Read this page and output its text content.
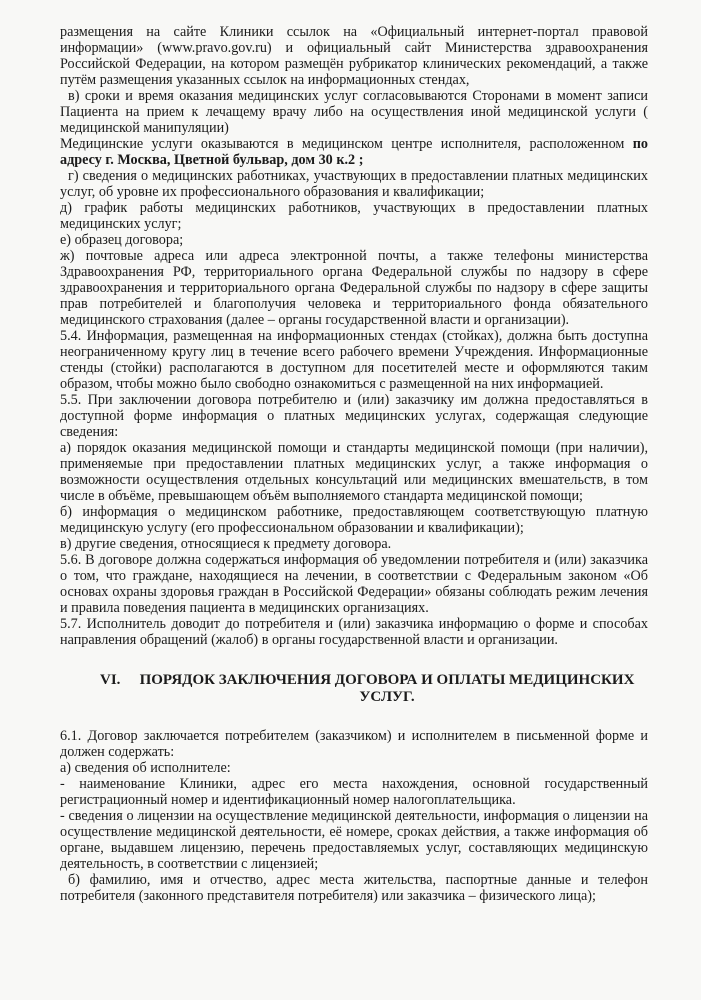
размещения на сайте Клиники ссылок на «Официальный интернет-портал правовой информации» (www.pravo.gov.ru) и официальный сайт Министерства здравоохранения Российской Федерации, на котором размещён рубрикатор клинических рекомендаций, а также путём размещения указанных ссылок на информационных стендах,

в) сроки и время оказания медицинских услуг согласовываются Сторонами в момент записи Пациента на прием к лечащему врачу либо на осуществления иной медицинской услуги ( медицинской манипуляции)

Медицинские услуги оказываются в медицинском центре исполнителя, расположенном по адресу г. Москва, Цветной бульвар, дом 30 к.2 ;

г) сведения о медицинских работниках, участвующих в предоставлении платных медицинских услуг, об уровне их профессионального образования и квалификации;

д) график работы медицинских работников, участвующих в предоставлении платных медицинских услуг;

е) образец договора;

ж) почтовые адреса или адреса электронной почты, а также телефоны министерства Здравоохранения РФ, территориального органа Федеральной службы по надзору в сфере здравоохранения и территориального органа Федеральной службы по надзору в сфере защиты прав потребителей и благополучия человека и территориального фонда обязательного медицинского страхования (далее – органы государственной власти и организации).

5.4. Информация, размещенная на информационных стендах (стойках), должна быть доступна неограниченному кругу лиц в течение всего рабочего времени Учреждения. Информационные стенды (стойки) располагаются в доступном для посетителей месте и оформляются таким образом, чтобы можно было свободно ознакомиться с размещенной на них информацией.

5.5. При заключении договора потребителю и (или) заказчику им должна предоставляться в доступной форме информация о платных медицинских услугах, содержащая следующие сведения:

а) порядок оказания медицинской помощи и стандарты медицинской помощи (при наличии), применяемые при предоставлении платных медицинских услуг, а также информация о возможности осуществления отдельных консультаций или медицинских вмешательств, в том числе в объёме, превышающем объём выполняемого стандарта медицинской помощи;

б) информация о медицинском работнике, предоставляющем соответствующую платную медицинскую услугу (его профессиональном образовании и квалификации);

в) другие сведения, относящиеся к предмету договора.

5.6. В договоре должна содержаться информация об уведомлении потребителя и (или) заказчика о том, что граждане, находящиеся на лечении, в соответствии с Федеральным законом «Об основах охраны здоровья граждан в Российской Федерации» обязаны соблюдать режим лечения и правила поведения пациента в медицинских организациях.

5.7. Исполнитель доводит до потребителя и (или) заказчика информацию о форме и способах направления обращений (жалоб) в органы государственной власти и организации.

VI.	ПОРЯДОК ЗАКЛЮЧЕНИЯ ДОГОВОРА И ОПЛАТЫ МЕДИЦИНСКИХ УСЛУГ.

6.1. Договор заключается потребителем (заказчиком) и исполнителем в письменной форме и должен содержать:

а) сведения об исполнителе:

- наименование Клиники, адрес его места нахождения, основной государственный регистрационный номер и идентификационный номер налогоплательщика.

- сведения о лицензии на осуществление медицинской деятельности, информация о лицензии на осуществление медицинской деятельности, её номере, сроках действия, а также информация об органе, выдавшем лицензию, перечень предоставляемых услуг, составляющих медицинскую деятельность, в соответствии с лицензией;

б) фамилию, имя и отчество, адрес места жительства, паспортные данные и телефон потребителя (законного представителя потребителя) или заказчика – физического лица);
